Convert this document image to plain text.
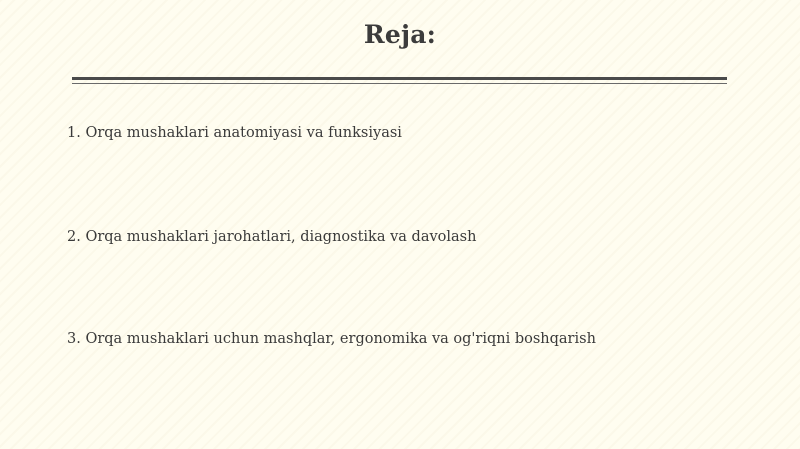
Reja:
1. Orqa mushaklari anatomiyasi va funksiyasi
2. Orqa mushaklari jarohatlari, diagnostika va davolash
3. Orqa mushaklari uchun mashqlar, ergonomika va og'riqni boshqarish
